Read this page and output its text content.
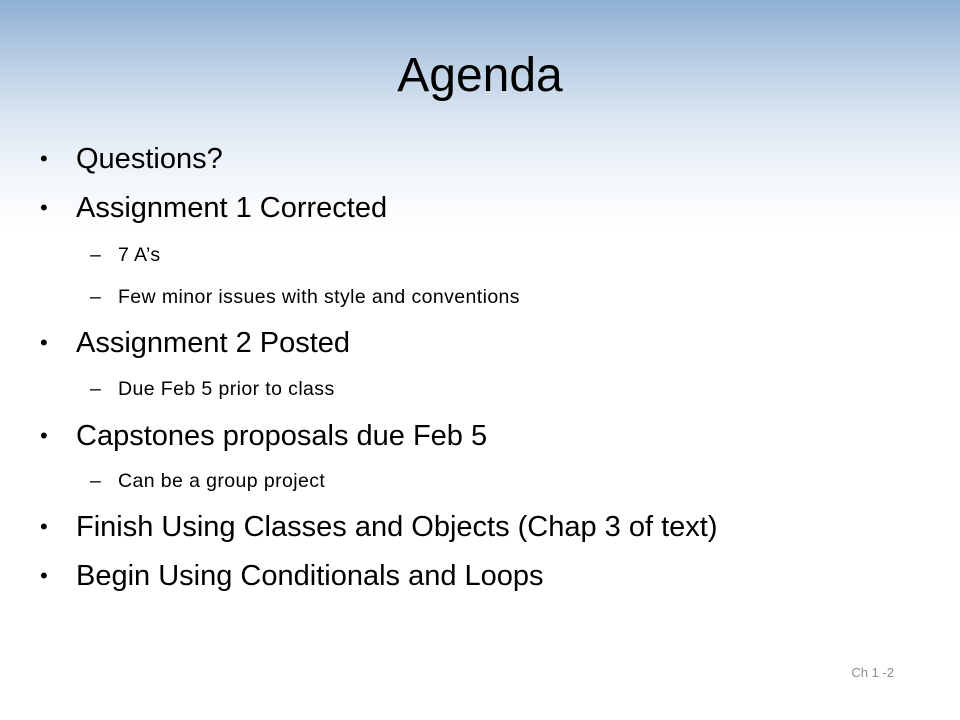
Agenda
• Questions?
• Assignment 1 Corrected
– 7 A’s
– Few minor issues with style and conventions
• Assignment 2 Posted
– Due Feb 5 prior to class
• Capstones proposals due Feb 5
– Can be a group project
• Finish Using Classes and Objects (Chap 3 of text)
• Begin Using Conditionals and Loops
Ch 1 -2
